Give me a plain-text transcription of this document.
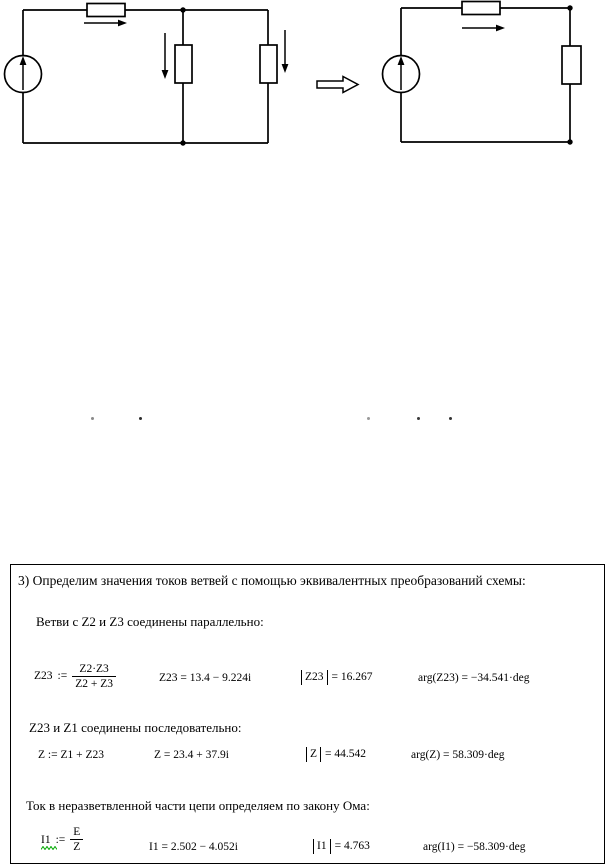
3) Определим значения токов ветвей с помощью эквивалентных преобразований схемы:
Ветви с Z2 и Z3 соединены параллельно:
Z23 := $\frac{Z2\cdot Z3}{Z2 + Z3}$	Z23 = 13.4 − 9.224i	Z23 = 16.267	arg(Z23) = −34.541·deg
Z23 и Z1 соединены последовательно:
Z := Z1 + Z23	Z = 23.4 + 37.9i	Z = 44.542	arg(Z) = 58.309·deg
Ток в неразветвленной части цепи определяем по закону Ома:
I1 := $\frac{E}{Z}$	I1 = 2.502 − 4.052i	I1 = 4.763	arg(I1) = −58.309·deg
